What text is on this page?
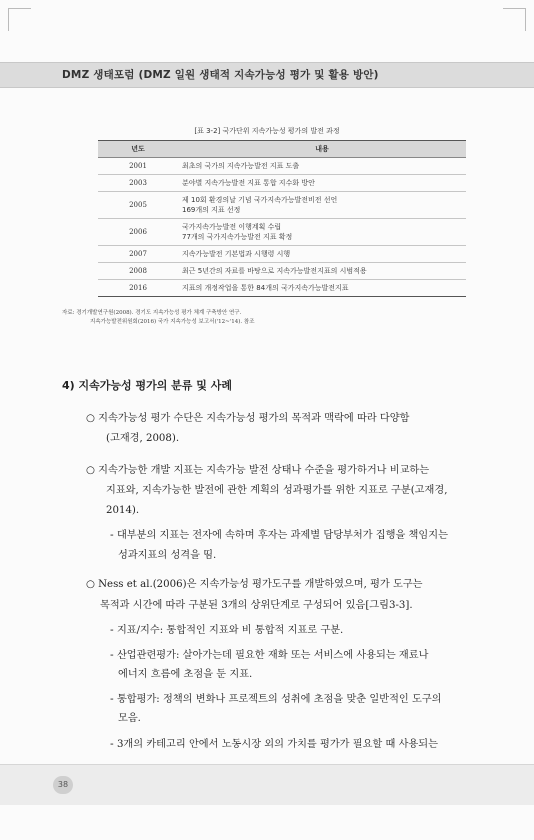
DMZ 생태포럼 (DMZ 일원 생태적 지속가능성 평가 및 활용 방안)
[표 3-2] 국가단위 지속가능성 평가의 발전 과정
년도	내용
2001	최초의 국가의 지속가능발전 지표 도출
2003	분야별 지속가능발전 지표 통합 지수화 방안
2005	제 10회 환경의날 기념 국가지속가능발전비전 선언
169개의 지표 선정
2006	국가지속가능발전 이행계획 수립
77개의 국가지속가능발전 지표 확정
2007	지속가능발전 기본법과 시행령 시행
2008	최근 5년간의 자료를 바탕으로 지속가능발전지표의 시범적용
2016	지표의 개정작업을 통한 84개의 국가지속가능발전지표
자료: 경기개발연구원(2008). 경기도 지속가능성 평가 체계 구축방안 연구.
지속가능발전위원회(2016) 국가 지속가능성 보고서('12~'14). 참조
4) 지속가능성 평가의 분류 및 사례
○ 지속가능성 평가 수단은 지속가능성 평가의 목적과 맥락에 따라 다양함
(고재경, 2008).
○ 지속가능한 개발 지표는 지속가능 발전 상태나 수준을 평가하거나 비교하는
지표와, 지속가능한 발전에 관한 계획의 성과평가를 위한 지표로 구분(고재경,
2014).
- 대부분의 지표는 전자에 속하며 후자는 과제별 담당부처가 집행을 책임지는
성과지표의 성격을 띰.
○ Ness et al.(2006)은 지속가능성 평가도구를 개발하였으며, 평가 도구는
목적과 시간에 따라 구분된 3개의 상위단계로 구성되어 있음[그림3-3].
- 지표/지수: 통합적인 지표와 비 통합적 지표로 구분.
- 산업관련평가: 살아가는데 필요한 재화 또는 서비스에 사용되는 재료나
에너지 흐름에 초점을 둔 지표.
- 통합평가: 정책의 변화나 프로젝트의 성취에 초점을 맞춘 일반적인 도구의
모음.
- 3개의 카테고리 안에서 노동시장 외의 가치를 평가가 필요할 때 사용되는
38
